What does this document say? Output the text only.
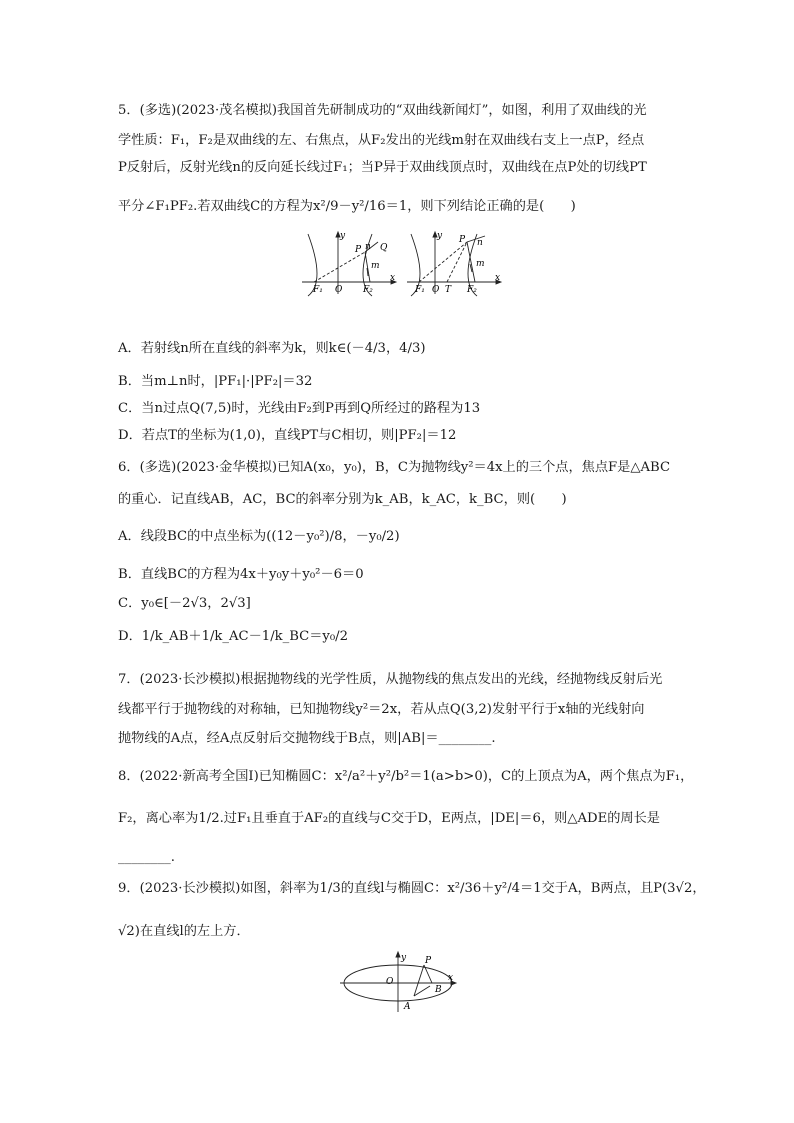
5．(多选)(2023·茂名模拟)我国首先研制成功的“双曲线新闻灯”，如图，利用了双曲线的光
学性质：F₁，F₂是双曲线的左、右焦点，从F₂发出的光线m射在双曲线右支上一点P，经点
P反射后，反射光线n的反向延长线过F₁；当P异于双曲线顶点时，双曲线在点P处的切线PT
平分∠F₁PF₂.若双曲线C的方程为x²/9－y²/16＝1，则下列结论正确的是(　　)
y
P n Q
m
F₁ O F₂
x
y P n
m
F₁ O T F₂
x
A．若射线n所在直线的斜率为k，则k∈(－4/3，4/3)
B．当m⊥n时，|PF₁|·|PF₂|＝32
C．当n过点Q(7,5)时，光线由F₂到P再到Q所经过的路程为13
D．若点T的坐标为(1,0)，直线PT与C相切，则|PF₂|＝12
6．(多选)(2023·金华模拟)已知A(x₀，y₀)，B，C为抛物线y²＝4x上的三个点，焦点F是△ABC
的重心．记直线AB，AC，BC的斜率分别为k_AB，k_AC，k_BC，则(　　)
A．线段BC的中点坐标为((12－y₀²)/8，－y₀/2)
B．直线BC的方程为4x＋y₀y＋y₀²－6＝0
C．y₀∈[－2√3，2√3]
D．1/k_AB＋1/k_AC－1/k_BC＝y₀/2
7．(2023·长沙模拟)根据抛物线的光学性质，从抛物线的焦点发出的光线，经抛物线反射后光
线都平行于抛物线的对称轴，已知抛物线y²＝2x，若从点Q(3,2)发射平行于x轴的光线射向
抛物线的A点，经A点反射后交抛物线于B点，则|AB|＝________.
8．(2022·新高考全国Ⅰ)已知椭圆C：x²/a²＋y²/b²＝1(a>b>0)，C的上顶点为A，两个焦点为F₁，
F₂，离心率为1/2.过F₁且垂直于AF₂的直线与C交于D，E两点，|DE|＝6，则△ADE的周长是
________.
9．(2023·长沙模拟)如图，斜率为1/3的直线l与椭圆C：x²/36＋y²/4＝1交于A，B两点，且P(3√2，
√2)在直线l的左上方．
y P
O
B
x
A
